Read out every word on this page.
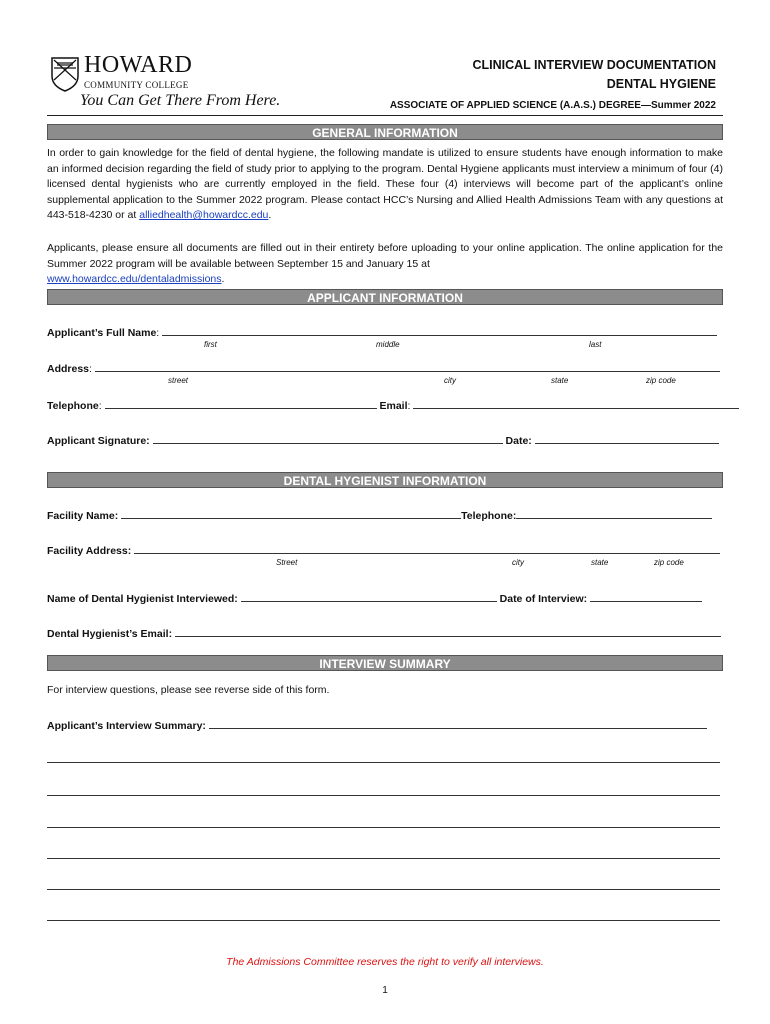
HOWARD
COMMUNITY COLLEGE
You Can Get There From Here.
CLINICAL INTERVIEW DOCUMENTATION
DENTAL HYGIENE
ASSOCIATE OF APPLIED SCIENCE (A.A.S.) DEGREE—Summer 2022
GENERAL INFORMATION
In order to gain knowledge for the field of dental hygiene, the following mandate is utilized to ensure students have enough information to make an informed decision regarding the field of study prior to applying to the program. Dental Hygiene applicants must interview a minimum of four (4) licensed dental hygienists who are currently employed in the field. These four (4) interviews will become part of the applicant’s online supplemental application to the Summer 2022 program. Please contact HCC’s Nursing and Allied Health Admissions Team with any questions at 443-518-4230 or at alliedhealth@howardcc.edu.
Applicants, please ensure all documents are filled out in their entirety before uploading to your online application. The online application for the Summer 2022 program will be available between September 15 and January 15 at
www.howardcc.edu/dentaladmissions.
APPLICANT INFORMATION
Applicant’s Full Name:
first	middle	last
Address:
street	city	state	zip code
Telephone:	Email:
Applicant Signature:	Date:
DENTAL HYGIENIST INFORMATION
Facility Name:	Telephone:
Facility Address:
Street	city	state	zip code
Name of Dental Hygienist Interviewed:	Date of Interview:
Dental Hygienist’s Email:
INTERVIEW SUMMARY
For interview questions, please see reverse side of this form.
Applicant’s Interview Summary:
The Admissions Committee reserves the right to verify all interviews.
1
